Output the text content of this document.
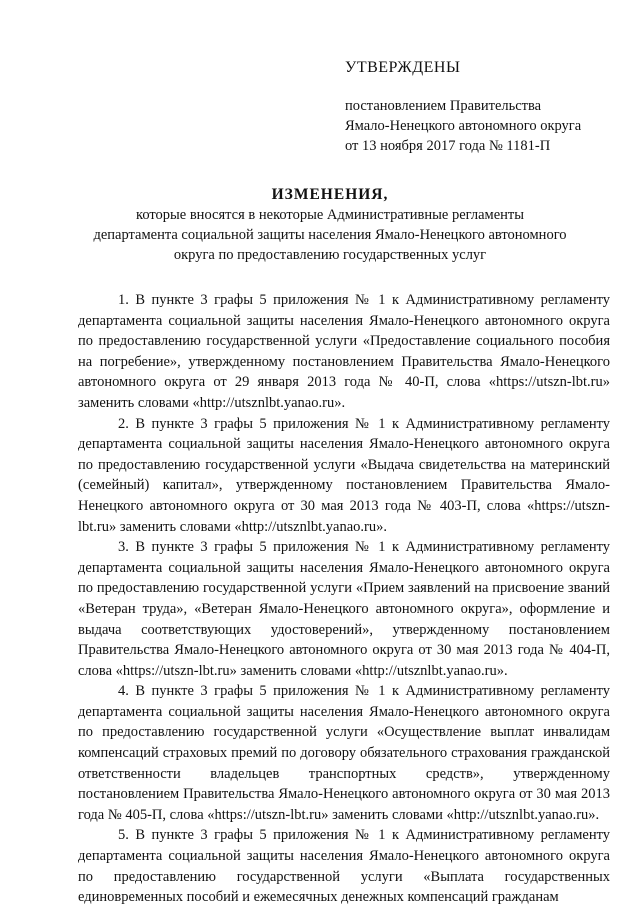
УТВЕРЖДЕНЫ
постановлением Правительства
Ямало-Ненецкого автономного округа
от 13 ноября 2017 года № 1181-П
ИЗМЕНЕНИЯ,
которые вносятся в некоторые Административные регламенты
департамента социальной защиты населения Ямало-Ненецкого автономного
округа по предоставлению государственных услуг

1. В пункте 3 графы 5 приложения № 1 к Административному регламенту департамента социальной защиты населения Ямало-Ненецкого автономного округа по предоставлению государственной услуги «Предоставление социального пособия на погребение», утвержденному постановлением Правительства Ямало-Ненецкого автономного округа от 29 января 2013 года № 40-П, слова «https://utszn-lbt.ru» заменить словами «http://utsznlbt.yanao.ru».

2. В пункте 3 графы 5 приложения № 1 к Административному регламенту департамента социальной защиты населения Ямало-Ненецкого автономного округа по предоставлению государственной услуги «Выдача свидетельства на материнский (семейный) капитал», утвержденному постановлением Правительства Ямало-Ненецкого автономного округа от 30 мая 2013 года № 403-П, слова «https://utszn-lbt.ru» заменить словами «http://utsznlbt.yanao.ru».

3. В пункте 3 графы 5 приложения № 1 к Административному регламенту департамента социальной защиты населения Ямало-Ненецкого автономного округа по предоставлению государственной услуги «Прием заявлений на присвоение званий «Ветеран труда», «Ветеран Ямало-Ненецкого автономного округа», оформление и выдача соответствующих удостоверений», утвержденному постановлением Правительства Ямало-Ненецкого автономного округа от 30 мая 2013 года № 404-П, слова «https://utszn-lbt.ru» заменить словами «http://utsznlbt.yanao.ru».

4. В пункте 3 графы 5 приложения № 1 к Административному регламенту департамента социальной защиты населения Ямало-Ненецкого автономного округа по предоставлению государственной услуги «Осуществление выплат инвалидам компенсаций страховых премий по договору обязательного страхования гражданской ответственности владельцев транспортных средств», утвержденному постановлением Правительства Ямало-Ненецкого автономного округа от 30 мая 2013 года № 405-П, слова «https://utszn-lbt.ru» заменить словами «http://utsznlbt.yanao.ru».

5. В пункте 3 графы 5 приложения № 1 к Административному регламенту департамента социальной защиты населения Ямало-Ненецкого автономного округа по предоставлению государственной услуги «Выплата государственных единовременных пособий и ежемесячных денежных компенсаций гражданам
